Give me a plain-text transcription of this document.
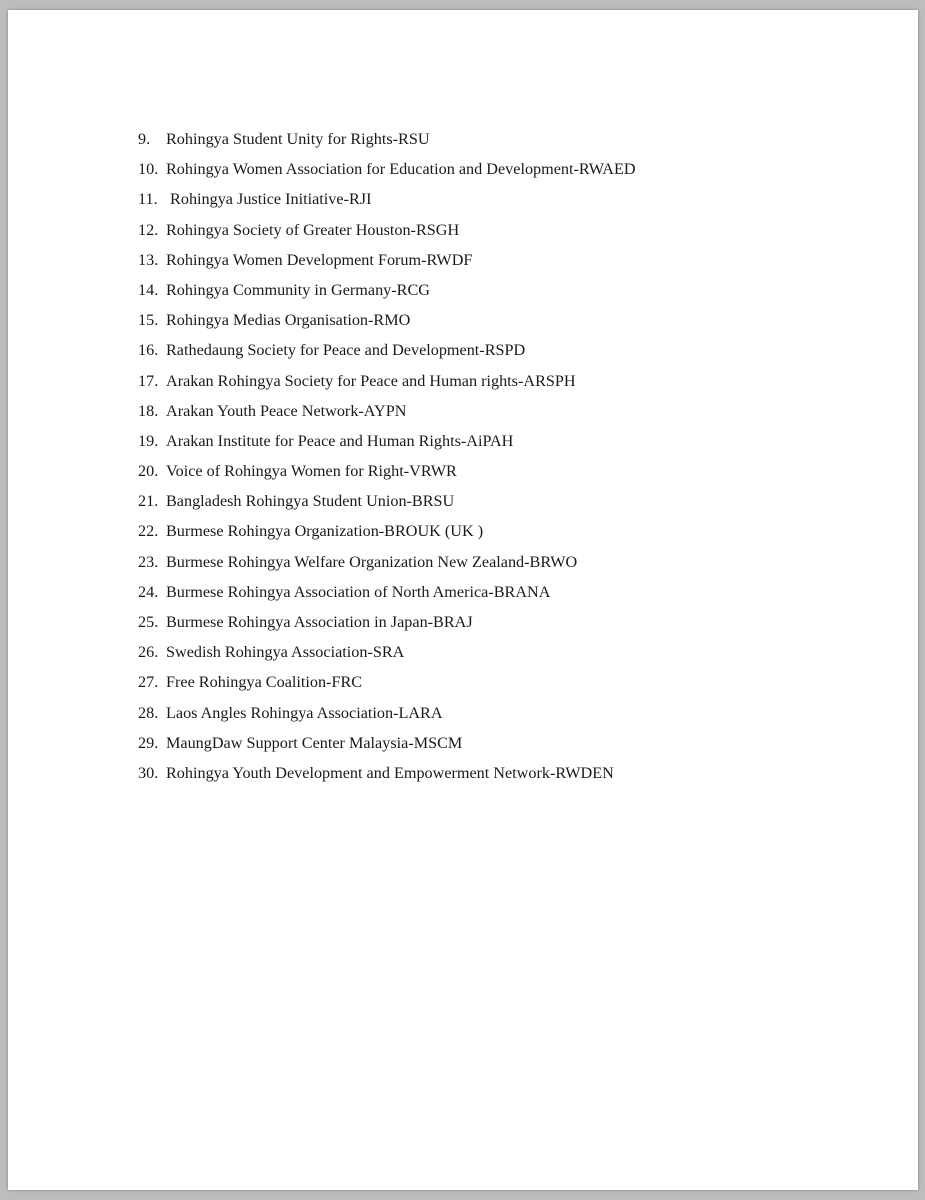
9. Rohingya Student Unity for Rights-RSU
10. Rohingya Women Association for Education and Development-RWAED
11. Rohingya Justice Initiative-RJI
12. Rohingya Society of Greater Houston-RSGH
13. Rohingya Women Development Forum-RWDF
14. Rohingya Community in Germany-RCG
15. Rohingya Medias Organisation-RMO
16. Rathedaung Society for Peace and Development-RSPD
17. Arakan Rohingya Society for Peace and Human rights-ARSPH
18. Arakan Youth Peace Network-AYPN
19. Arakan Institute for Peace and Human Rights-AiPAH
20. Voice of Rohingya Women for Right-VRWR
21. Bangladesh Rohingya Student Union-BRSU
22. Burmese Rohingya Organization-BROUK (UK )
23. Burmese Rohingya Welfare Organization New Zealand-BRWO
24. Burmese Rohingya Association of North America-BRANA
25. Burmese Rohingya Association in Japan-BRAJ
26. Swedish Rohingya Association-SRA
27. Free Rohingya Coalition-FRC
28. Laos Angles Rohingya Association-LARA
29. MaungDaw Support Center Malaysia-MSCM
30. Rohingya Youth Development and Empowerment Network-RWDEN
